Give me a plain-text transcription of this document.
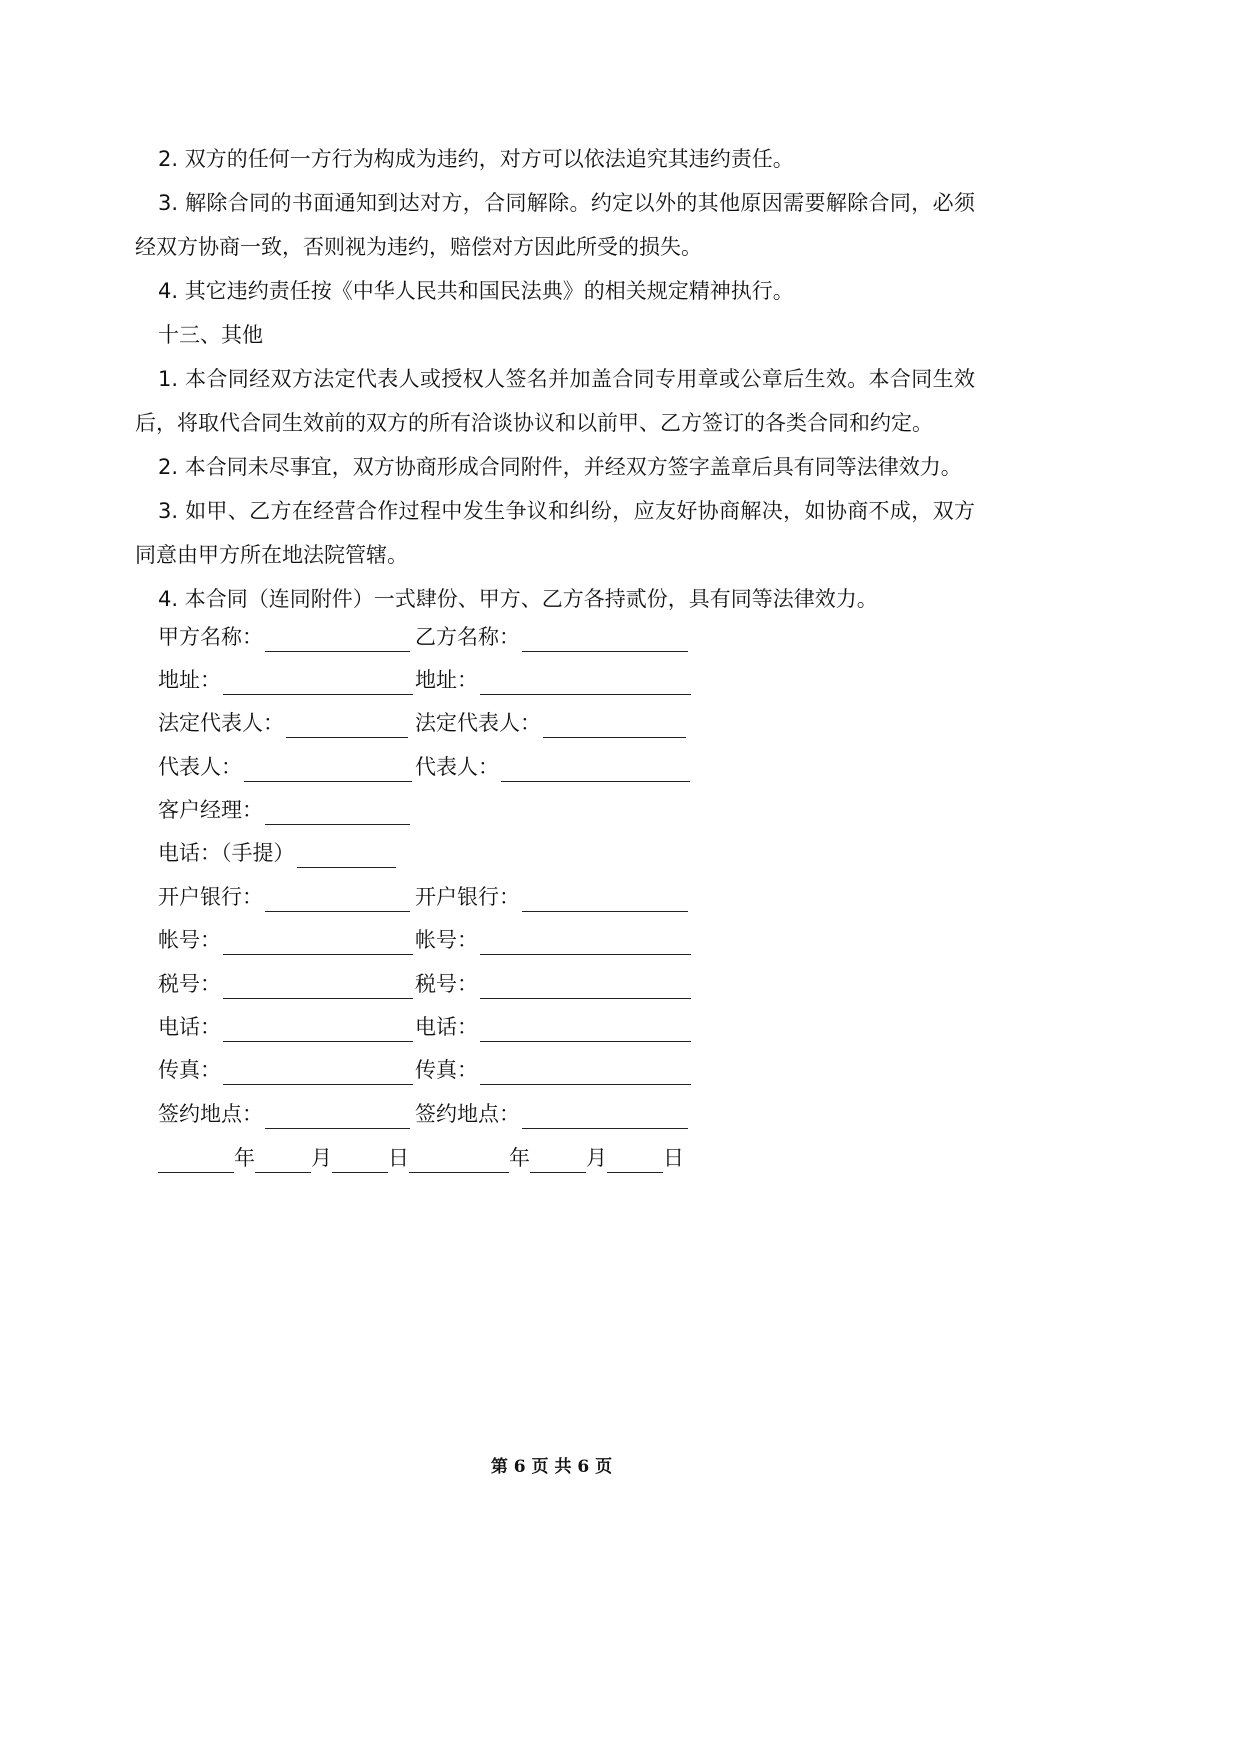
2. 双方的任何一方行为构成为违约，对方可以依法追究其违约责任。

3. 解除合同的书面通知到达对方，合同解除。约定以外的其他原因需要解除合同，必须经双方协商一致，否则视为违约，赔偿对方因此所受的损失。

4. 其它违约责任按《中华人民共和国民法典》的相关规定精神执行。

十三、其他

1. 本合同经双方法定代表人或授权人签名并加盖合同专用章或公章后生效。本合同生效后，将取代合同生效前的双方的所有洽谈协议和以前甲、乙方签订的各类合同和约定。

2. 本合同未尽事宜，双方协商形成合同附件，并经双方签字盖章后具有同等法律效力。

3. 如甲、乙方在经营合作过程中发生争议和纠纷，应友好协商解决，如协商不成，双方同意由甲方所在地法院管辖。

4. 本合同（连同附件）一式肆份、甲方、乙方各持贰份，具有同等法律效力。

甲方名称：	乙方名称：
地址：	地址：
法定代表人：	法定代表人：
代表人：	代表人：
客户经理：
电话：（手提）
开户银行：	开户银行：
帐号：	帐号：
税号：	税号：
电话：	电话：
传真：	传真：
签约地点：	签约地点：
年	月	日	年	月	日
第 6 页 共 6 页
